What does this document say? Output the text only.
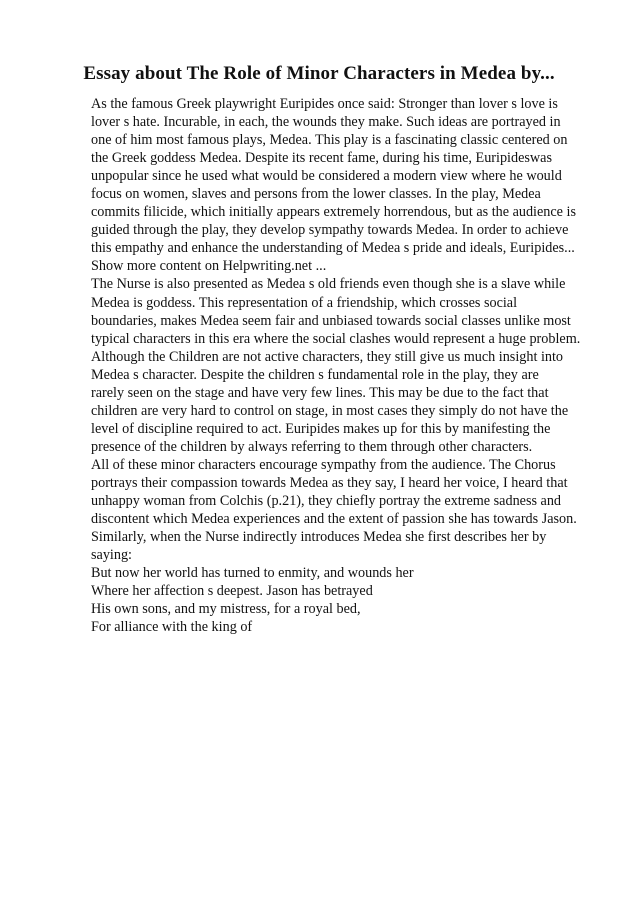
Essay about The Role of Minor Characters in Medea by...
As the famous Greek playwright Euripides once said: Stronger than lover s love is
lover s hate. Incurable, in each, the wounds they make. Such ideas are portrayed in
one of him most famous plays, Medea. This play is a fascinating classic centered on
the Greek goddess Medea. Despite its recent fame, during his time, Euripideswas
unpopular since he used what would be considered a modern view where he would
focus on women, slaves and persons from the lower classes. In the play, Medea
commits filicide, which initially appears extremely horrendous, but as the audience is
guided through the play, they develop sympathy towards Medea. In order to achieve
this empathy and enhance the understanding of Medea s pride and ideals, Euripides...
Show more content on Helpwriting.net ...
The Nurse is also presented as Medea s old friends even though she is a slave while
Medea is goddess. This representation of a friendship, which crosses social
boundaries, makes Medea seem fair and unbiased towards social classes unlike most
typical characters in this era where the social clashes would represent a huge problem.
Although the Children are not active characters, they still give us much insight into
Medea s character. Despite the children s fundamental role in the play, they are
rarely seen on the stage and have very few lines. This may be due to the fact that
children are very hard to control on stage, in most cases they simply do not have the
level of discipline required to act. Euripides makes up for this by manifesting the
presence of the children by always referring to them through other characters.
All of these minor characters encourage sympathy from the audience. The Chorus
portrays their compassion towards Medea as they say, I heard her voice, I heard that
unhappy woman from Colchis (p.21), they chiefly portray the extreme sadness and
discontent which Medea experiences and the extent of passion she has towards Jason.
Similarly, when the Nurse indirectly introduces Medea she first describes her by
saying:
But now her world has turned to enmity, and wounds her
Where her affection s deepest. Jason has betrayed
His own sons, and my mistress, for a royal bed,
For alliance with the king of
